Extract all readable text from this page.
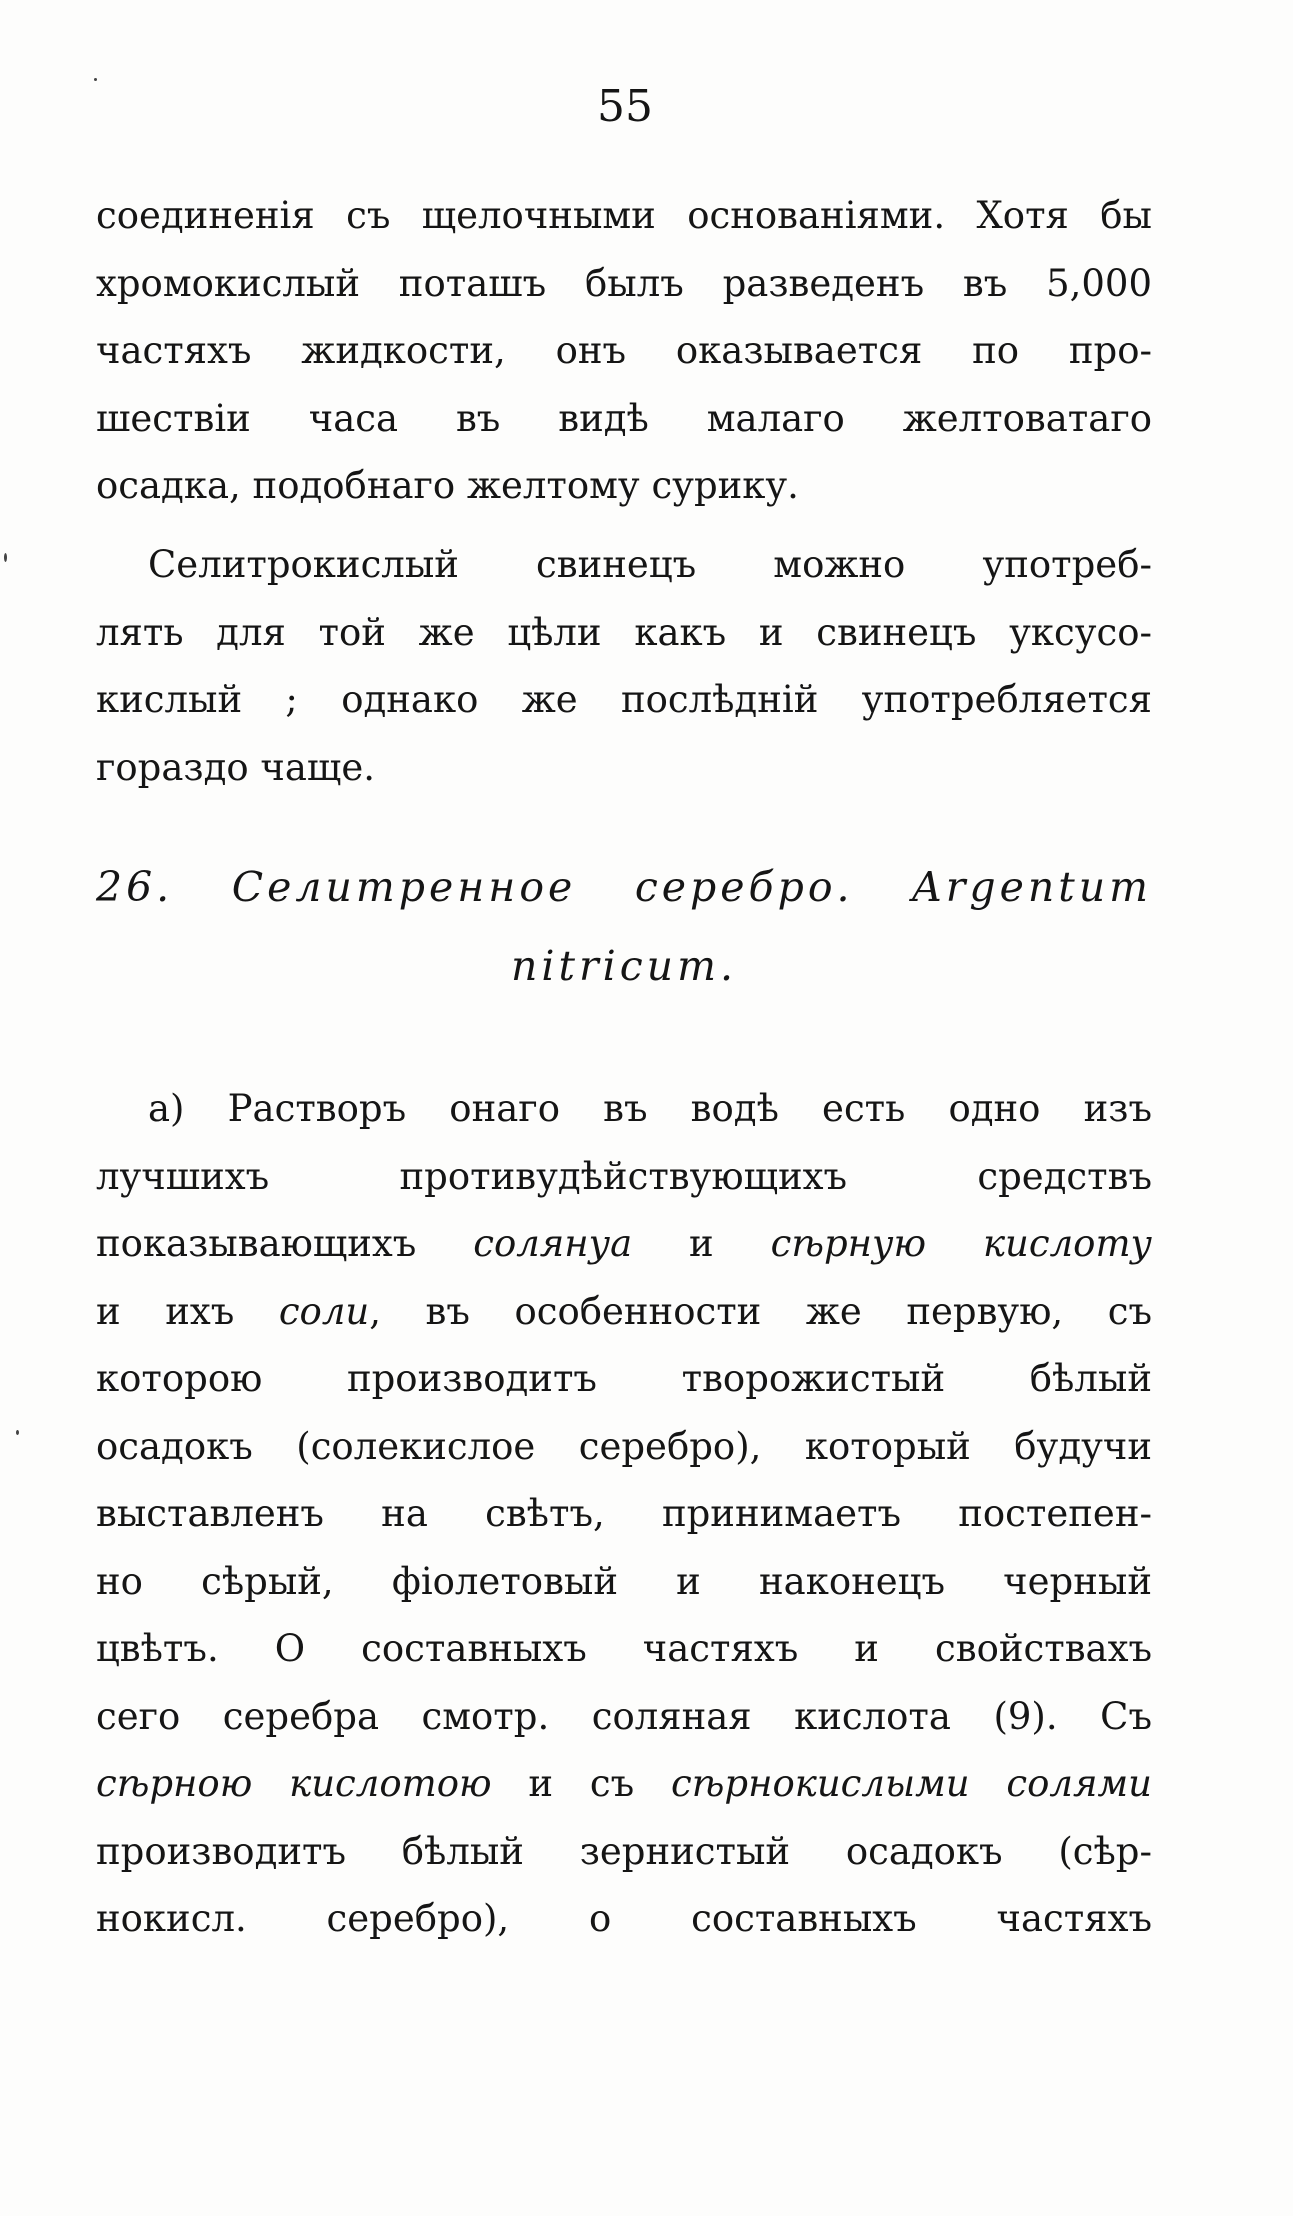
55
соединенія съ щелочными основаніями. Хотя бы
хромокислый поташъ былъ разведенъ въ 5,000
частяхъ жидкости, онъ оказывается по про-
шествіи часа въ видѣ малаго желтоватаго
осадка, подобнаго желтому сурику.
Селитрокислый свинецъ можно употреб-
лять для той же цѣли какъ и свинецъ уксусо-
кислый ; однако же послѣдній употребляется
гораздо чаще.
26. Селитренное серебро. Argentum
nitricum.
а) Растворъ онаго въ водѣ есть одно изъ
лучшихъ противудѣйствующихъ средствъ
показывающихъ солянуа и сѣрную кислоту
и ихъ соли, въ особенности же первую, съ
которою производитъ творожистый бѣлый
осадокъ (солекислое серебро), который будучи
выставленъ на свѣтъ, принимаетъ постепен-
но сѣрый, фіолетовый и наконецъ черный
цвѣтъ. О составныхъ частяхъ и свойствахъ
сего серебра смотр. соляная кислота (9). Съ
сѣрною кислотою и съ сѣрнокислыми солями
производитъ бѣлый зернистый осадокъ (сѣр-
нокисл. серебро), о составныхъ частяхъ
